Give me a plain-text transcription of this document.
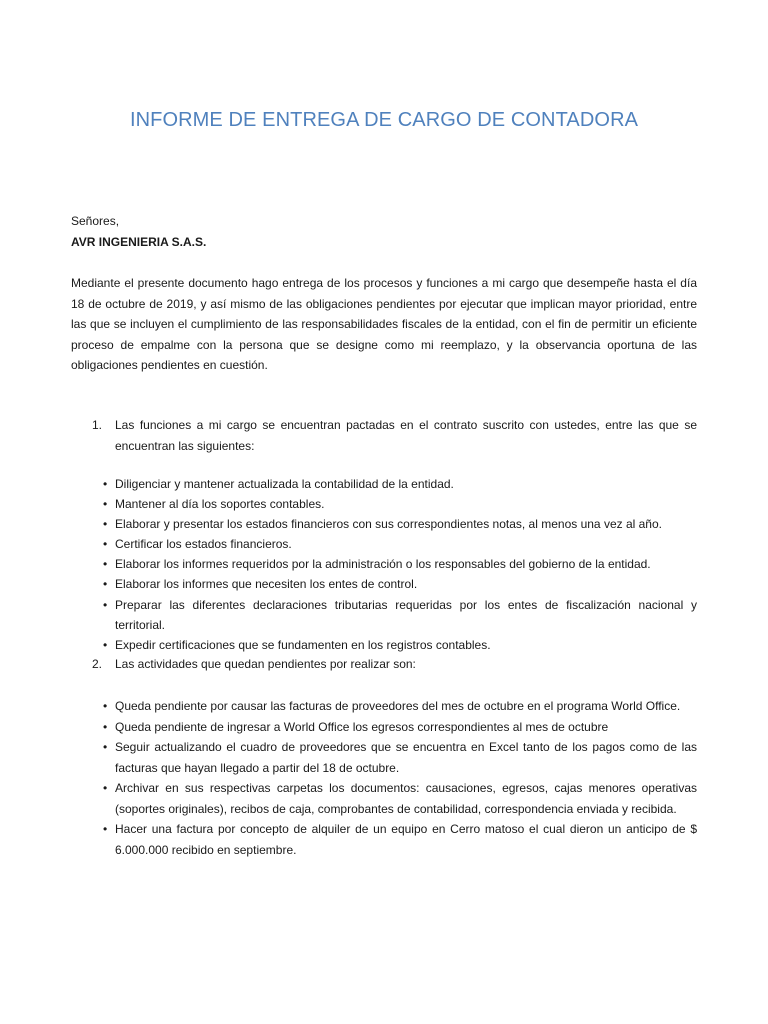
INFORME DE ENTREGA DE CARGO DE CONTADORA
Señores,
AVR INGENIERIA S.A.S.

Mediante el presente documento hago entrega de los procesos y funciones a mi cargo que desempeñe hasta el día 18 de octubre de 2019, y así mismo de las obligaciones pendientes por ejecutar que implican mayor prioridad, entre las que se incluyen el cumplimiento de las responsabilidades fiscales de la entidad, con el fin de permitir un eficiente proceso de empalme con la persona que se designe como mi reemplazo, y la observancia oportuna de las obligaciones pendientes en cuestión.

1. Las funciones a mi cargo se encuentran pactadas en el contrato suscrito con ustedes, entre las que se encuentran las siguientes:
• Diligenciar y mantener actualizada la contabilidad de la entidad.
• Mantener al día los soportes contables.
• Elaborar y presentar los estados financieros con sus correspondientes notas, al menos una vez al año.
• Certificar los estados financieros.
• Elaborar los informes requeridos por la administración o los responsables del gobierno de la entidad.
• Elaborar los informes que necesiten los entes de control.
• Preparar las diferentes declaraciones tributarias requeridas por los entes de fiscalización nacional y territorial.
• Expedir certificaciones que se fundamenten en los registros contables.
2. Las actividades que quedan pendientes por realizar son:
• Queda pendiente por causar las facturas de proveedores del mes de octubre en el programa World Office.
• Queda pendiente de ingresar a World Office los egresos correspondientes al mes de octubre
• Seguir actualizando el cuadro de proveedores que se encuentra en Excel tanto de los pagos como de las facturas que hayan llegado a partir del 18 de octubre.
• Archivar en sus respectivas carpetas los documentos: causaciones, egresos, cajas menores operativas (soportes originales), recibos de caja, comprobantes de contabilidad, correspondencia enviada y recibida.
• Hacer una factura por concepto de alquiler de un equipo en Cerro matoso el cual dieron un anticipo de $ 6.000.000 recibido en septiembre.
